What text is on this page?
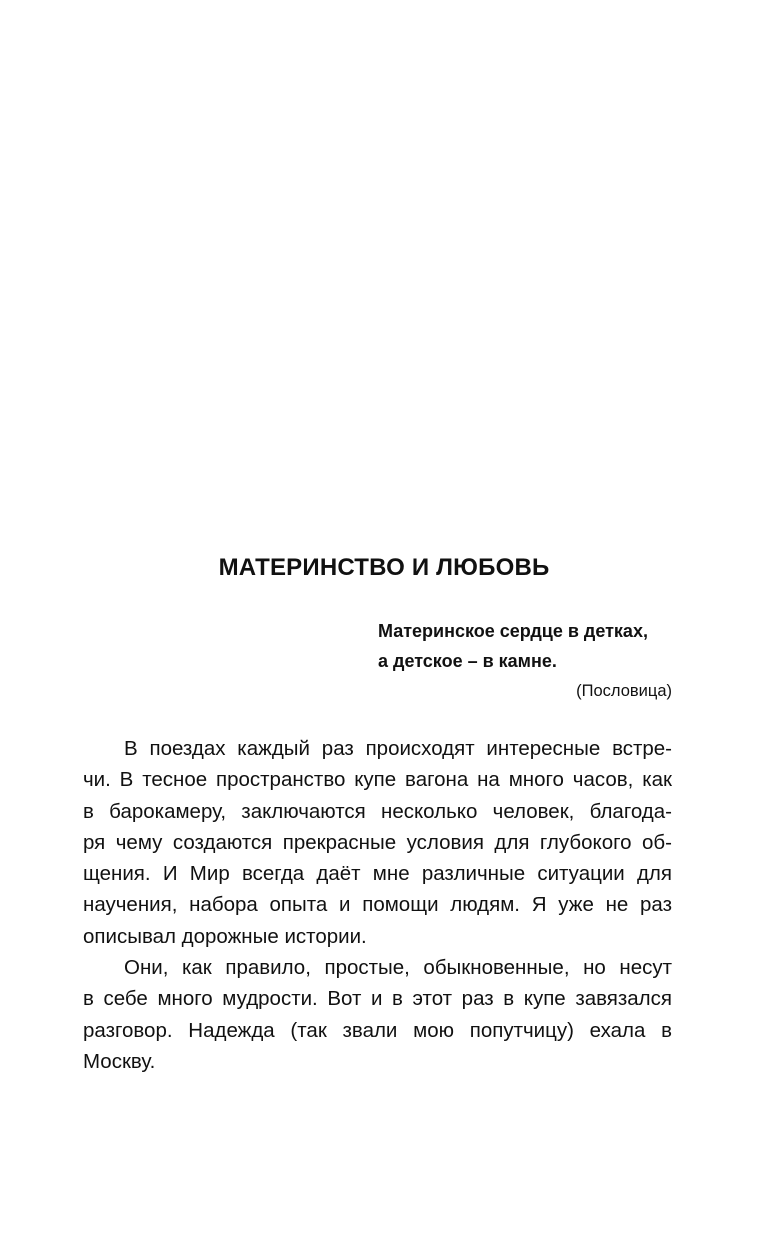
МАТЕРИНСТВО И ЛЮБОВЬ
Материнское сердце в детках,
а детское – в камне.
(Пословица)

В поездах каждый раз происходят интересные встре-
чи. В тесное пространство купе вагона на много часов, как
в барокамеру, заключаются несколько человек, благода-
ря чему создаются прекрасные условия для глубокого об-
щения. И Мир всегда даёт мне различные ситуации для
научения, набора опыта и помощи людям. Я уже не раз
описывал дорожные истории.

Они, как правило, простые, обыкновенные, но несут
в себе много мудрости. Вот и в этот раз в купе завязался
разговор. Надежда (так звали мою попутчицу) ехала в
Москву.
